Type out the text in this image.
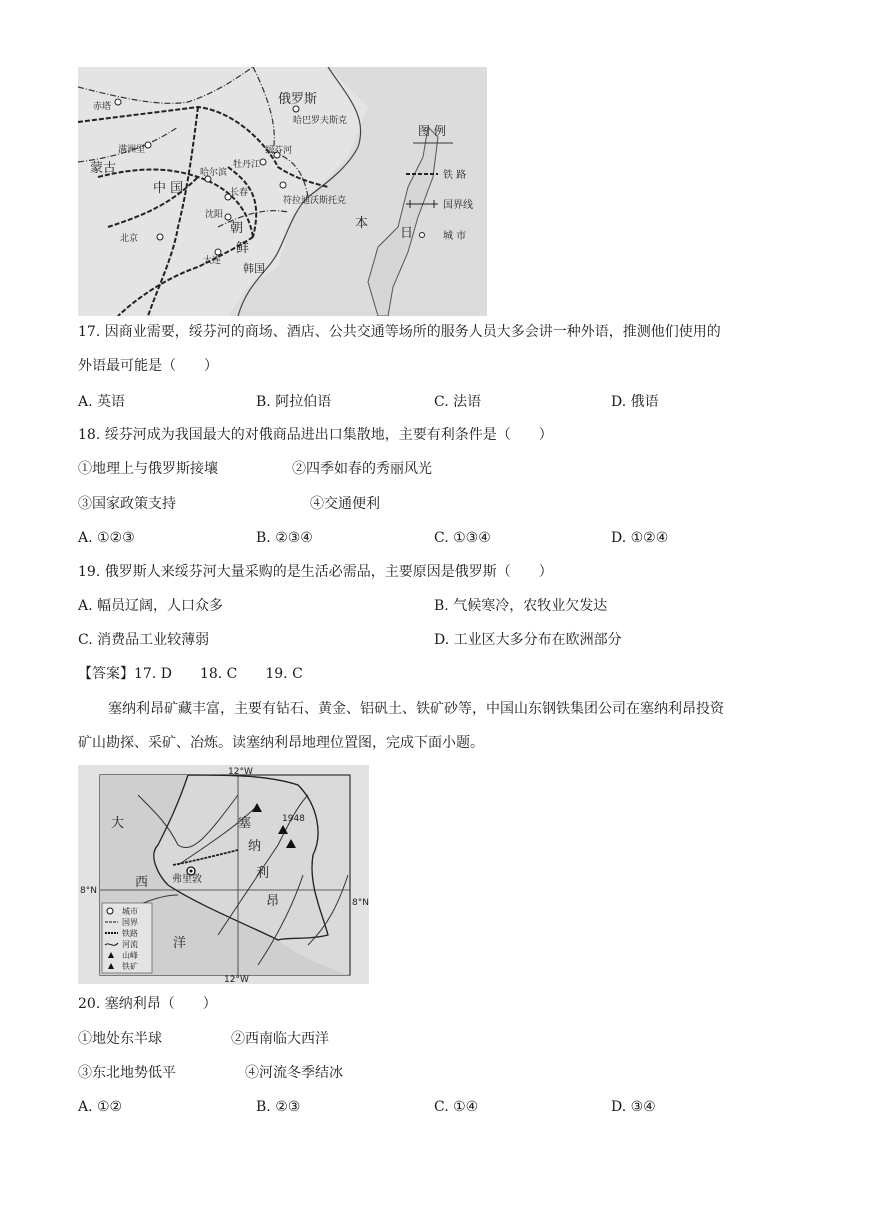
俄罗斯
哈巴罗夫斯克
绥芬河
牡丹江
哈尔滨
长春
符拉迪沃斯托克
沈阳
朝
鲜
大连
北京
韩国
蒙古
中 国
赤塔
满洲里
日
本
图 例
铁 路
国界线
城 市
17. 因商业需要，绥芬河的商场、酒店、公共交通等场所的服务人员大多会讲一种外语，推测他们使用的
外语最可能是（　　）
A. 英语	B. 阿拉伯语	C. 法语	D. 俄语
18. 绥芬河成为我国最大的对俄商品进出口集散地，主要有利条件是（　　）
①地理上与俄罗斯接壤	②四季如春的秀丽风光
③国家政策支持	④交通便利
A. ①②③	B. ②③④	C. ①③④	D. ①②④
19. 俄罗斯人来绥芬河大量采购的是生活必需品，主要原因是俄罗斯（　　）
A. 幅员辽阔，人口众多	B. 气候寒冷，农牧业欠发达
C. 消费品工业较薄弱	D. 工业区大多分布在欧洲部分
【答案】17. D　　18. C　　19. C
塞纳利昂矿藏丰富，主要有钻石、黄金、铝矾土、铁矿砂等，中国山东钢铁集团公司在塞纳利昂投资
矿山勘探、采矿、冶炼。读塞纳利昂地理位置图，完成下面小题。
12°W
12°W
8°N
8°N
大
西
洋
塞
纳
利
昂
弗里敦
1948
城市
国界
铁路
河流
山峰
铁矿
20. 塞纳利昂（　　）
①地处东半球	②西南临大西洋
③东北地势低平	④河流冬季结冰
A. ①②	B. ②③	C. ①④	D. ③④
